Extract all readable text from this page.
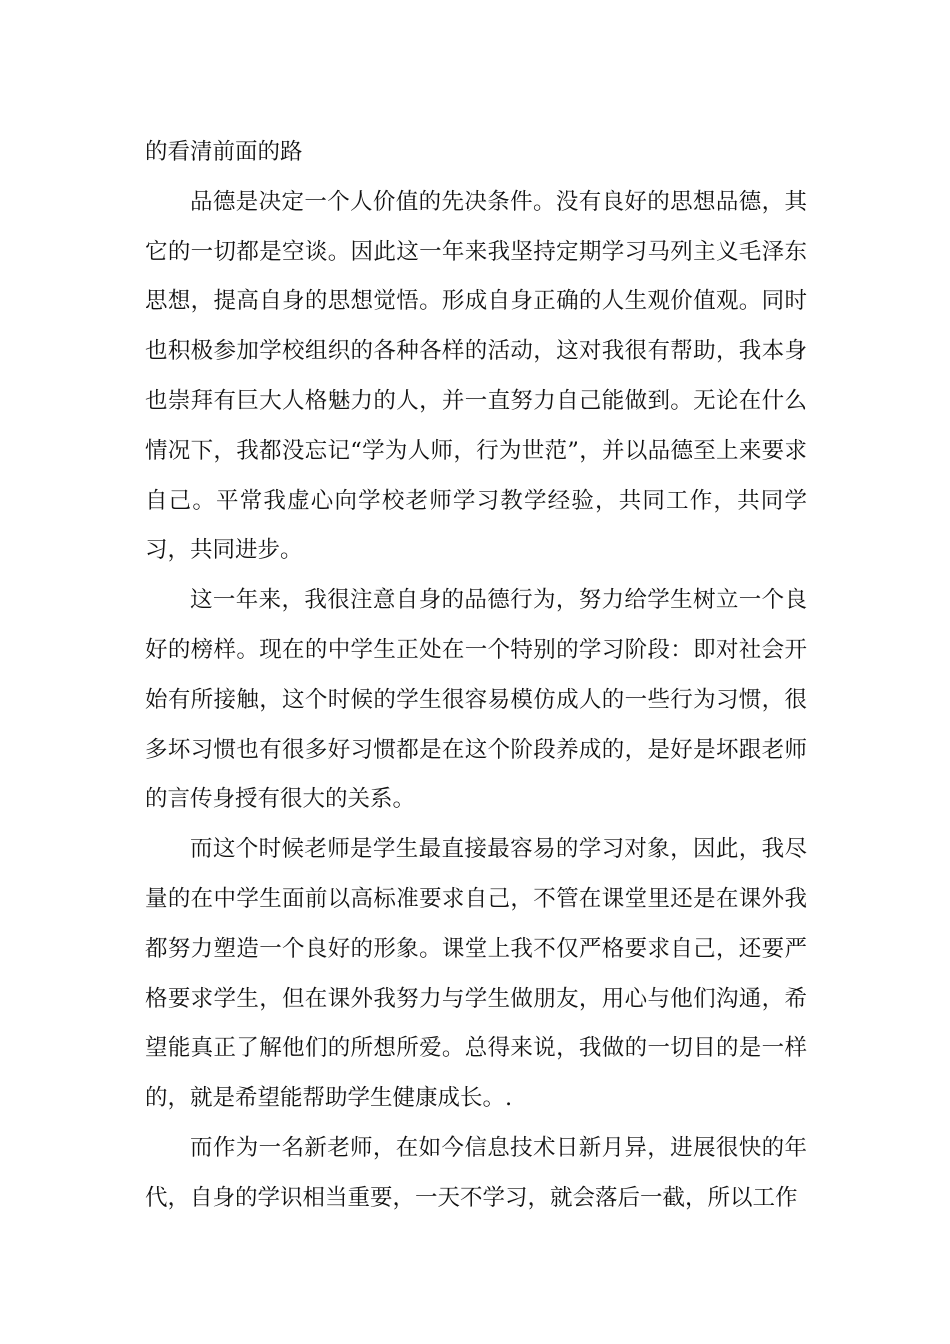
的看清前面的路

品德是决定一个人价值的先决条件。没有良好的思想品德，其它的一切都是空谈。因此这一年来我坚持定期学习马列主义毛泽东思想，提高自身的思想觉悟。形成自身正确的人生观价值观。同时也积极参加学校组织的各种各样的活动，这对我很有帮助，我本身也崇拜有巨大人格魅力的人，并一直努力自己能做到。无论在什么情况下，我都没忘记“学为人师，行为世范”，并以品德至上来要求自己。平常我虚心向学校老师学习教学经验，共同工作，共同学习，共同进步。

这一年来，我很注意自身的品德行为，努力给学生树立一个良好的榜样。现在的中学生正处在一个特别的学习阶段：即对社会开始有所接触，这个时候的学生很容易模仿成人的一些行为习惯，很多坏习惯也有很多好习惯都是在这个阶段养成的，是好是坏跟老师的言传身授有很大的关系。

而这个时候老师是学生最直接最容易的学习对象，因此，我尽量的在中学生面前以高标准要求自己，不管在课堂里还是在课外我都努力塑造一个良好的形象。课堂上我不仅严格要求自己，还要严格要求学生，但在课外我努力与学生做朋友，用心与他们沟通，希望能真正了解他们的所想所爱。总得来说，我做的一切目的是一样的，就是希望能帮助学生健康成长。.

而作为一名新老师，在如今信息技术日新月异，进展很快的年代，自身的学识相当重要，一天不学习，就会落后一截，所以工作
